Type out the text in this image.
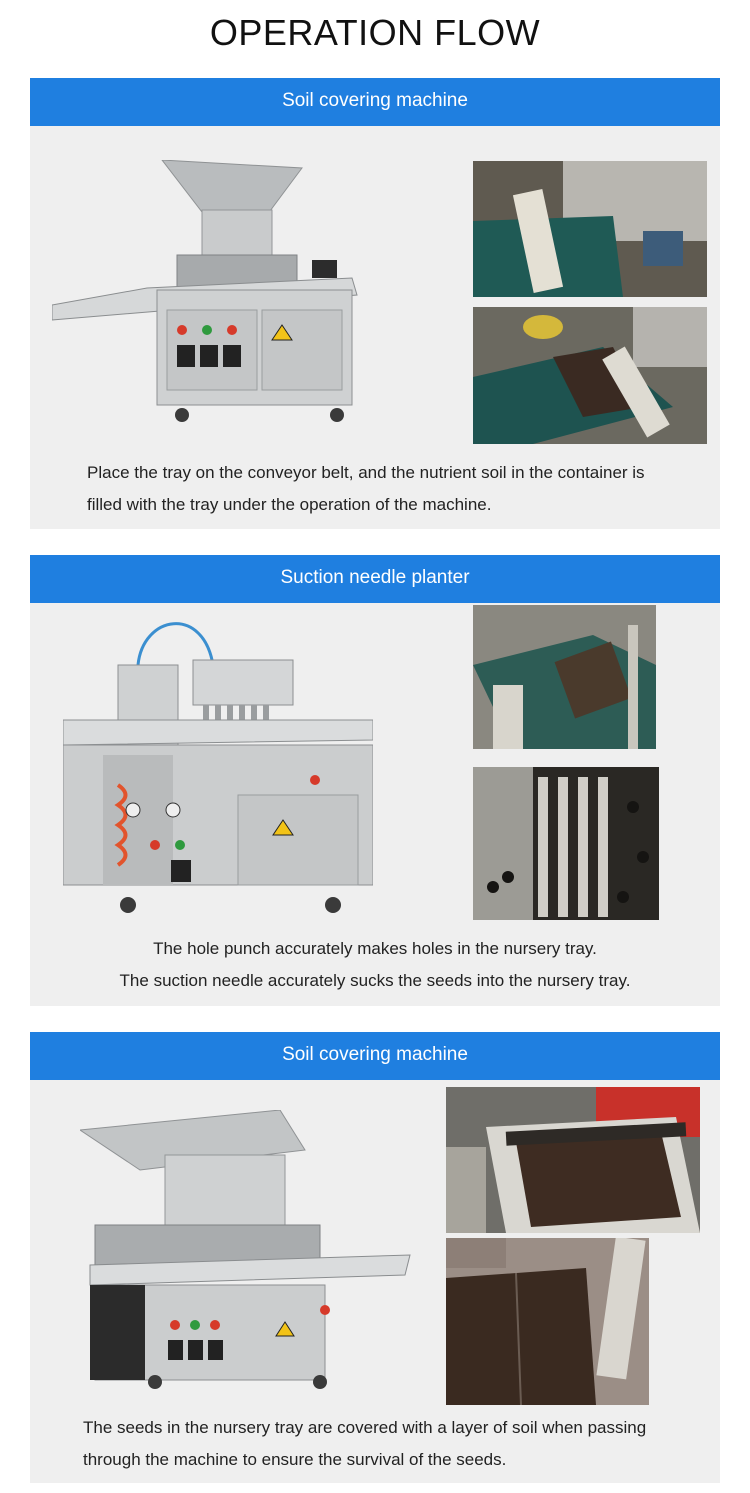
OPERATION FLOW
Soil covering machine
Place the tray on the conveyor belt, and the nutrient soil in the container is
filled with the tray under the operation of the machine.
Suction needle planter
The hole punch accurately makes holes in the nursery tray.
The suction needle accurately sucks the seeds into the nursery tray.
Soil covering machine
The seeds in the nursery tray are covered with a layer of soil when passing
through the machine to ensure the survival of the seeds.
